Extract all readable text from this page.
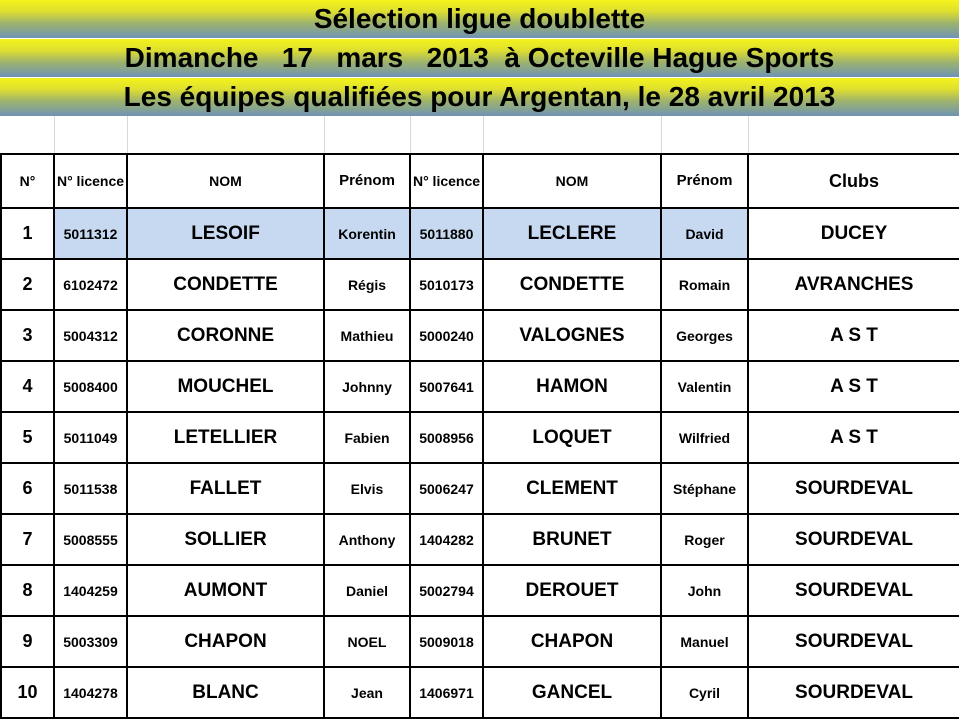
Sélection ligue doublette
Dimanche   17   mars   2013  à Octeville Hague Sports
Les équipes qualifiées pour Argentan, le 28 avril 2013

N°	N° licence	NOM	Prénom	N° licence	NOM	Prénom	Clubs
1	5011312	LESOIF	Korentin	5011880	LECLERE	David	DUCEY
2	6102472	CONDETTE	Régis	5010173	CONDETTE	Romain	AVRANCHES
3	5004312	CORONNE	Mathieu	5000240	VALOGNES	Georges	A S T
4	5008400	MOUCHEL	Johnny	5007641	HAMON	Valentin	A S T
5	5011049	LETELLIER	Fabien	5008956	LOQUET	Wilfried	A S T
6	5011538	FALLET	Elvis	5006247	CLEMENT	Stéphane	SOURDEVAL
7	5008555	SOLLIER	Anthony	1404282	BRUNET	Roger	SOURDEVAL
8	1404259	AUMONT	Daniel	5002794	DEROUET	John	SOURDEVAL
9	5003309	CHAPON	NOEL	5009018	CHAPON	Manuel	SOURDEVAL
10	1404278	BLANC	Jean	1406971	GANCEL	Cyril	SOURDEVAL
